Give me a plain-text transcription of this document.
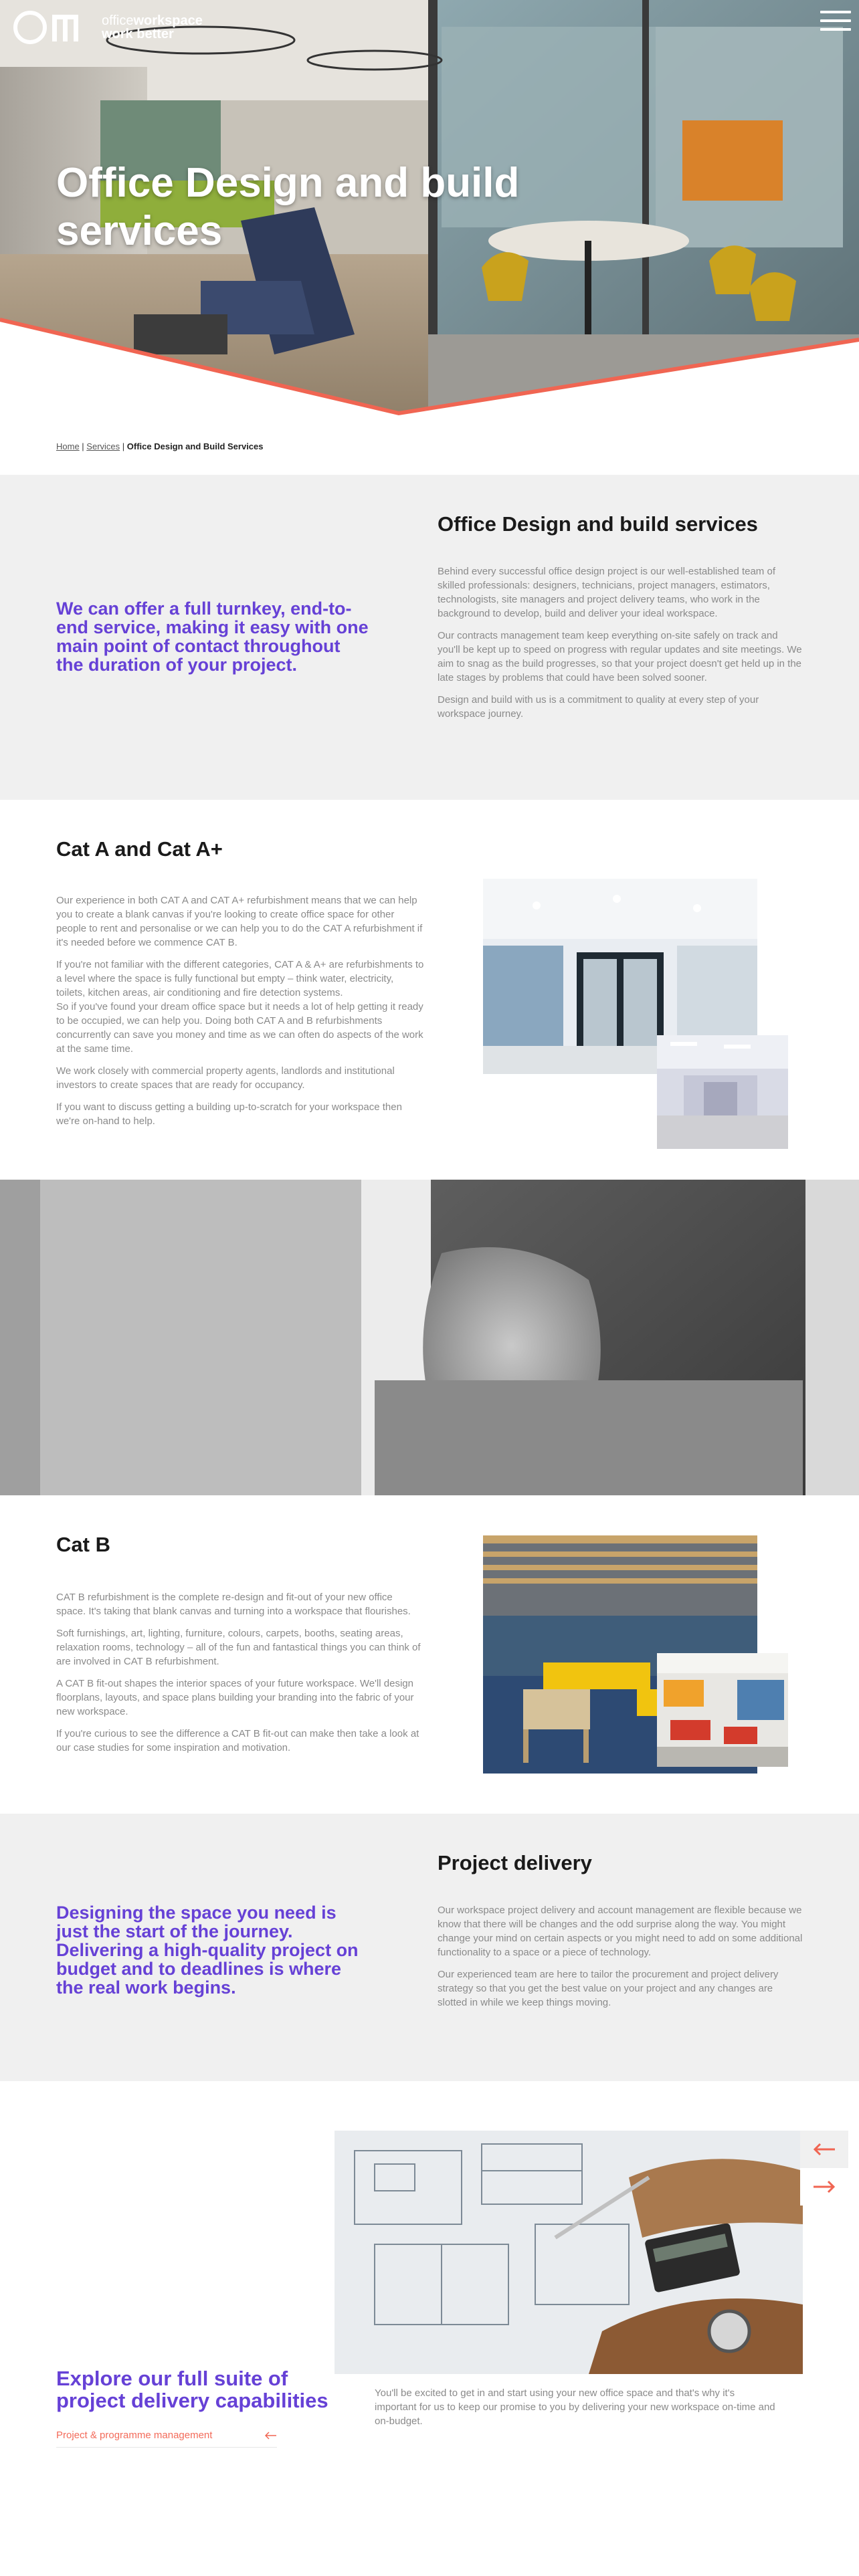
officeworkspace
work better
Office Design and build services
Home | Services | Office Design and Build Services

We can offer a full turnkey, end-to-end service, making it easy with one main point of contact throughout the duration of your project.

Office Design and build services

Behind every successful office design project is our well-established team of skilled professionals: designers, technicians, project managers, estimators, technologists, site managers and project delivery teams, who work in the background to develop, build and deliver your ideal workspace.

Our contracts management team keep everything on-site safely on track and you'll be kept up to speed on progress with regular updates and site meetings. We aim to snag as the build progresses, so that your project doesn't get held up in the late stages by problems that could have been solved sooner.

Design and build with us is a commitment to quality at every step of your workspace journey.

Cat A and Cat A+

Our experience in both CAT A and CAT A+ refurbishment means that we can help you to create a blank canvas if you're looking to create office space for other people to rent and personalise or we can help you to do the CAT A refurbishment if it's needed before we commence CAT B.

If you're not familiar with the different categories, CAT A & A+ are refurbishments to a level where the space is fully functional but empty – think water, electricity, toilets, kitchen areas, air conditioning and fire detection systems.

So if you've found your dream office space but it needs a lot of help getting it ready to be occupied, we can help you. Doing both CAT A and B refurbishments concurrently can save you money and time as we can often do aspects of the work at the same time.

We work closely with commercial property agents, landlords and institutional investors to create spaces that are ready for occupancy.

If you want to discuss getting a building up-to-scratch for your workspace then we're on-hand to help.

Cat B

CAT B refurbishment is the complete re-design and fit-out of your new office space. It's taking that blank canvas and turning into a workspace that flourishes.

Soft furnishings, art, lighting, furniture, colours, carpets, booths, seating areas, relaxation rooms, technology – all of the fun and fantastical things you can think of are involved in CAT B refurbishment.

A CAT B fit-out shapes the interior spaces of your future workspace. We'll design floorplans, layouts, and space plans building your branding into the fabric of your new workspace.

If you're curious to see the difference a CAT B fit-out can make then take a look at our case studies for some inspiration and motivation.

Designing the space you need is just the start of the journey. Delivering a high-quality project on budget and to deadlines is where the real work begins.

Project delivery

Our workspace project delivery and account management are flexible because we know that there will be changes and the odd surprise along the way. You might change your mind on certain aspects or you might need to add on some additional functionality to a space or a piece of technology.

Our experienced team are here to tailor the procurement and project delivery strategy so that you get the best value on your project and any changes are slotted in while we keep things moving.

Explore our full suite of project delivery capabilities

Project & programme management

You'll be excited to get in and start using your new office space and that's why it's important for us to keep our promise to you by delivering your new workspace on-time and on-budget.
